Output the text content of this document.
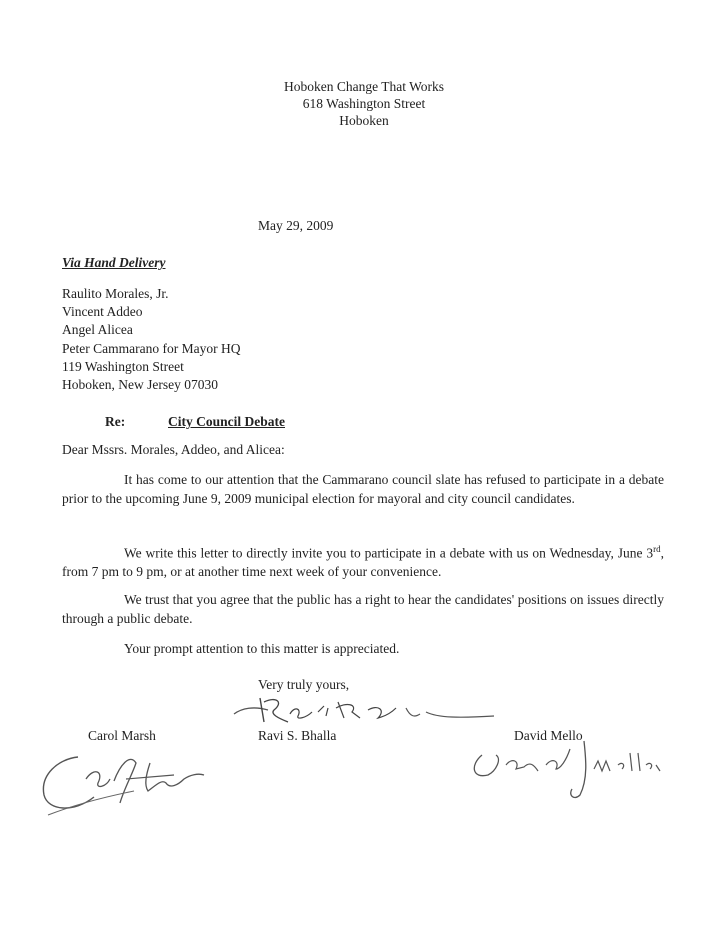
Hoboken Change That Works
618 Washington Street
Hoboken
May 29, 2009
Via Hand Delivery
Raulito Morales, Jr.
Vincent Addeo
Angel Alicea
Peter Cammarano for Mayor HQ
119 Washington Street
Hoboken, New Jersey 07030
Re:	City Council Debate
Dear Mssrs. Morales, Addeo, and Alicea:
It has come to our attention that the Cammarano council slate has refused to participate in a debate prior to the upcoming June 9, 2009 municipal election for mayoral and city council candidates.
We write this letter to directly invite you to participate in a debate with us on Wednesday, June 3rd, from 7 pm to 9 pm, or at another time next week of your convenience.
We trust that you agree that the public has a right to hear the candidates' positions on issues directly through a public debate.
Your prompt attention to this matter is appreciated.
Very truly yours,
Carol Marsh	Ravi S. Bhalla	David Mello
